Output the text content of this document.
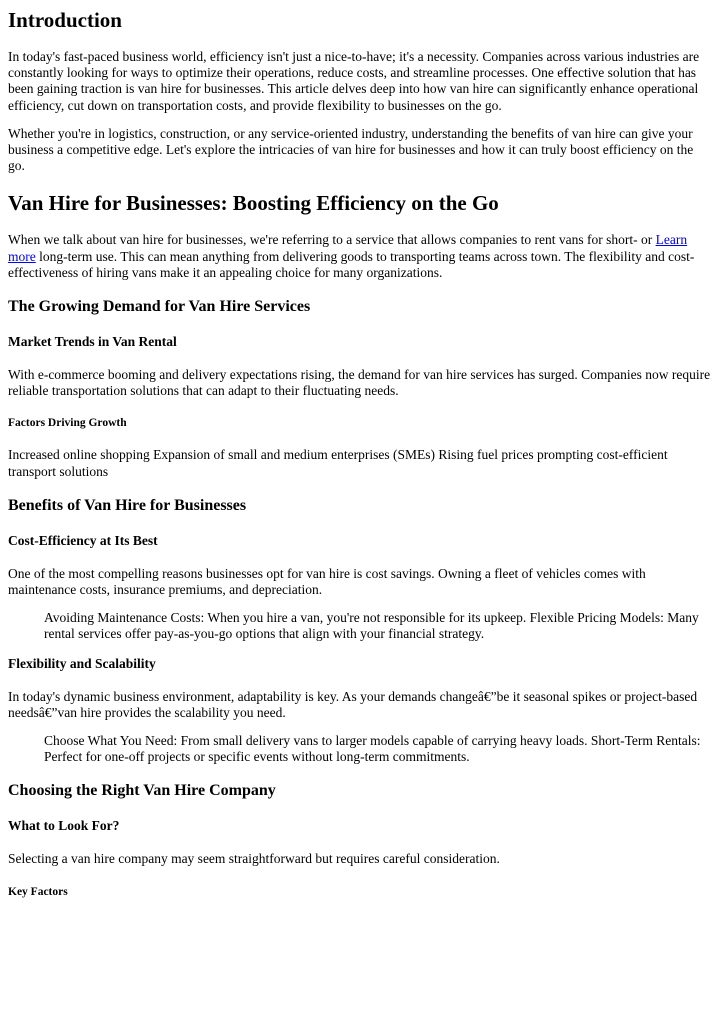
Introduction

In today's fast-paced business world, efficiency isn't just a nice-to-have; it's a necessity. Companies across various industries are constantly looking for ways to optimize their operations, reduce costs, and streamline processes. One effective solution that has been gaining traction is van hire for businesses. This article delves deep into how van hire can significantly enhance operational efficiency, cut down on transportation costs, and provide flexibility to businesses on the go.

Whether you're in logistics, construction, or any service-oriented industry, understanding the benefits of van hire can give your business a competitive edge. Let's explore the intricacies of van hire for businesses and how it can truly boost efficiency on the go.

Van Hire for Businesses: Boosting Efficiency on the Go

When we talk about van hire for businesses, we're referring to a service that allows companies to rent vans for short- or Learn more long-term use. This can mean anything from delivering goods to transporting teams across town. The flexibility and cost-effectiveness of hiring vans make it an appealing choice for many organizations.

The Growing Demand for Van Hire Services
Market Trends in Van Rental

With e-commerce booming and delivery expectations rising, the demand for van hire services has surged. Companies now require reliable transportation solutions that can adapt to their fluctuating needs.

Factors Driving Growth

Increased online shopping Expansion of small and medium enterprises (SMEs) Rising fuel prices prompting cost-efficient transport solutions

Benefits of Van Hire for Businesses
Cost-Efficiency at Its Best

One of the most compelling reasons businesses opt for van hire is cost savings. Owning a fleet of vehicles comes with maintenance costs, insurance premiums, and depreciation.

Avoiding Maintenance Costs: When you hire a van, you're not responsible for its upkeep. Flexible Pricing Models: Many rental services offer pay-as-you-go options that align with your financial strategy.
Flexibility and Scalability

In today's dynamic business environment, adaptability is key. As your demands changeâ€”be it seasonal spikes or project-based needsâ€”van hire provides the scalability you need.

Choose What You Need: From small delivery vans to larger models capable of carrying heavy loads. Short-Term Rentals: Perfect for one-off projects or specific events without long-term commitments.
Choosing the Right Van Hire Company
What to Look For?

Selecting a van hire company may seem straightforward but requires careful consideration.

Key Factors
